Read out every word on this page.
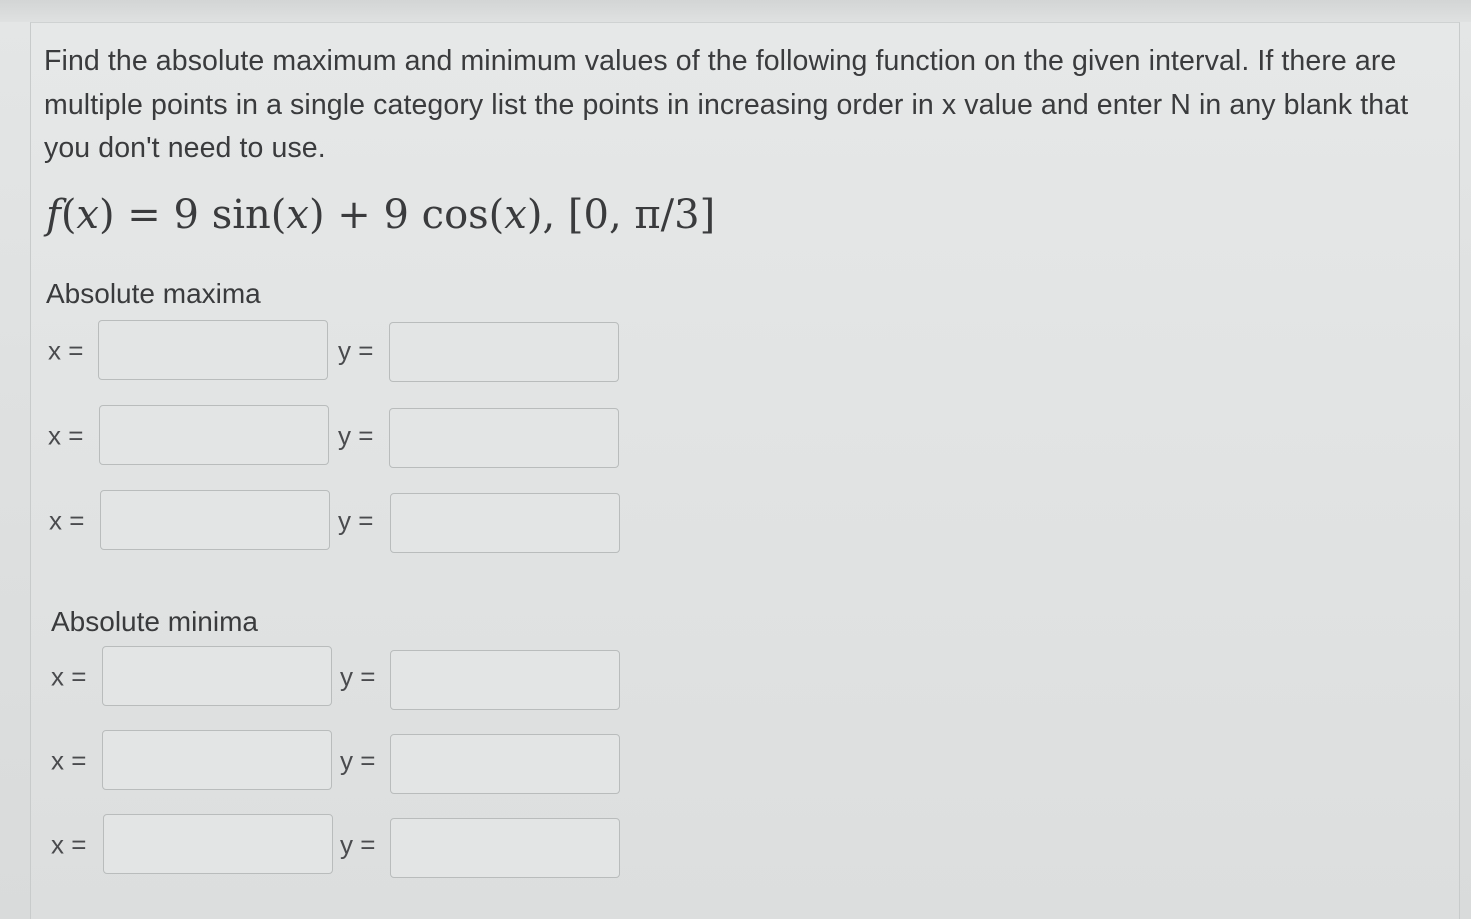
Find the absolute maximum and minimum values of the following function on the given interval. If there are multiple points in a single category list the points in increasing order in x value and enter N in any blank that you don't need to use.
f(x) = 9 sin(x) + 9 cos(x), [0, π/3]
Absolute maxima
x =	y =
x =	y =
x =	y =
Absolute minima
x =	y =
x =	y =
x =	y =
